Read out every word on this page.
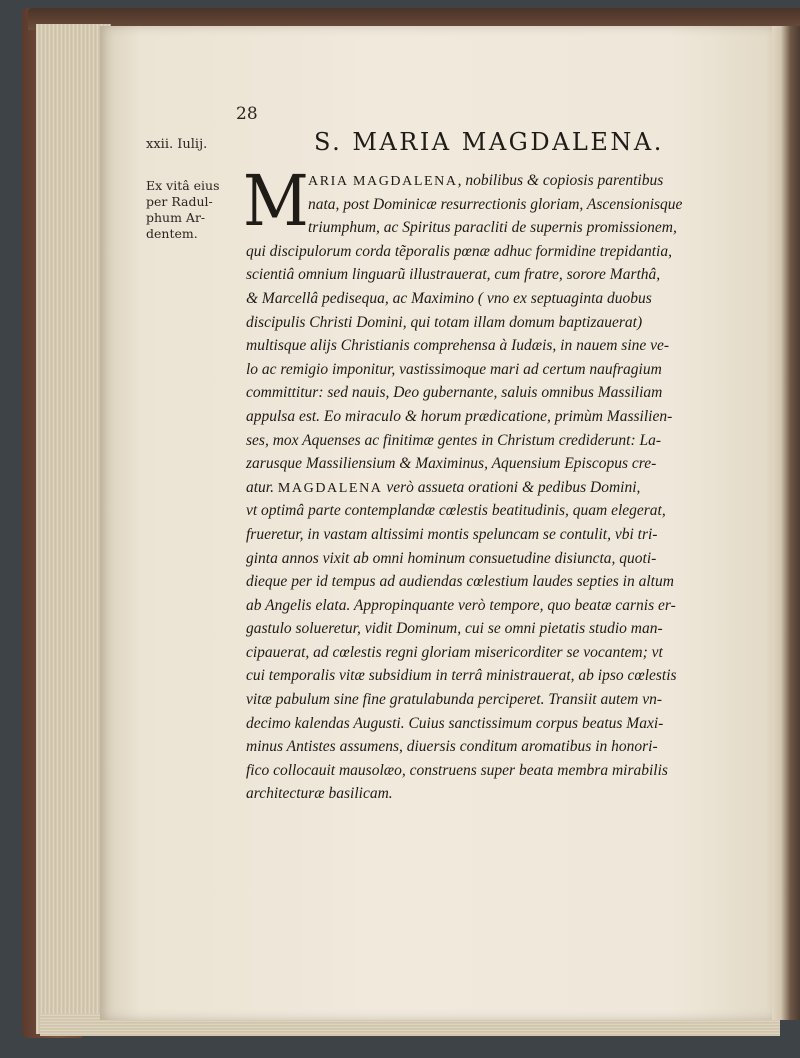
28
xxii. Iulij.	S. MARIA MAGDALENA.
Ex vitâ eius
per Radul-
phum Ar-
dentem. M ARIA MAGDALENA, nobilibus & copiosis parentibus
nata, post Dominicæ resurrectionis gloriam, Ascensionisque
triumphum, ac Spiritus paracliti de supernis promissionem,
qui discipulorum corda tẽporalis pœnæ adhuc formidine trepidantia,
scientiâ omnium linguarũ illustrauerat, cum fratre, sorore Marthâ,
& Marcellâ pedisequa, ac Maximino ( vno ex septuaginta duobus
discipulis Christi Domini, qui totam illam domum baptizauerat)
multisque alijs Christianis comprehensa à Iudæis, in nauem sine ve-
lo ac remigio imponitur, vastissimoque mari ad certum naufragium
committitur: sed nauis, Deo gubernante, saluis omnibus Massiliam
appulsa est. Eo miraculo & horum prædicatione, primùm Massilien-
ses, mox Aquenses ac finitimæ gentes in Christum crediderunt: La-
zarusque Massiliensium & Maximinus, Aquensium Episcopus cre-
atur. MAGDALENA verò assueta orationi & pedibus Domini,
vt optimâ parte contemplandæ cœlestis beatitudinis, quam elegerat,
frueretur, in vastam altissimi montis speluncam se contulit, vbi tri-
ginta annos vixit ab omni hominum consuetudine disiuncta, quoti-
dieque per id tempus ad audiendas cœlestium laudes septies in altum
ab Angelis elata. Appropinquante verò tempore, quo beatæ carnis er-
gastulo solueretur, vidit Dominum, cui se omni pietatis studio man-
cipauerat, ad cœlestis regni gloriam misericorditer se vocantem; vt
cui temporalis vitæ subsidium in terrâ ministrauerat, ab ipso cœlestis
vitæ pabulum sine fine gratulabunda perciperet. Transiit autem vn-
decimo kalendas Augusti. Cuius sanctissimum corpus beatus Maxi-
minus Antistes assumens, diuersis conditum aromatibus in honori-
fico collocauit mausolæo, construens super beata membra mirabilis
architecturæ basilicam.
